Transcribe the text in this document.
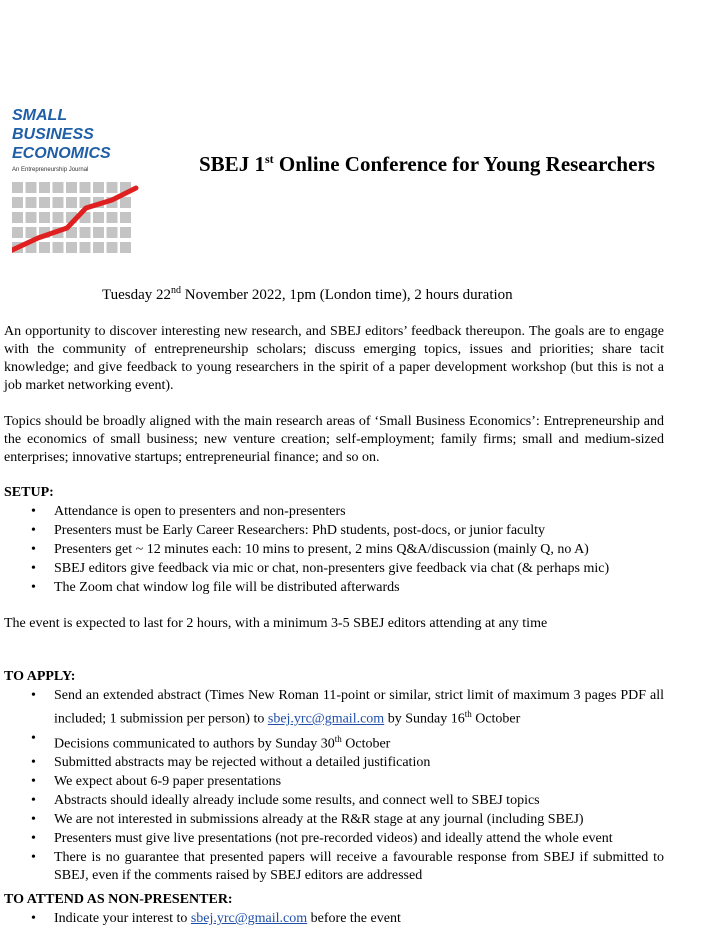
SMALL
BUSINESS
ECONOMICS
An Entrepreneurship Journal	SBEJ 1st Online Conference for Young Researchers
Tuesday 22nd November 2022, 1pm (London time), 2 hours duration
An opportunity to discover interesting new research, and SBEJ editors’ feedback thereupon. The goals are to engage with the community of entrepreneurship scholars; discuss emerging topics, issues and priorities; share tacit knowledge; and give feedback to young researchers in the spirit of a paper development workshop (but this is not a job market networking event).
Topics should be broadly aligned with the main research areas of ‘Small Business Economics’: Entrepreneurship and the economics of small business; new venture creation; self-employment; family firms; small and medium-sized enterprises; innovative startups; entrepreneurial finance; and so on.
SETUP:
• Attendance is open to presenters and non-presenters
• Presenters must be Early Career Researchers: PhD students, post-docs, or junior faculty
• Presenters get ~ 12 minutes each: 10 mins to present, 2 mins Q&A/discussion (mainly Q, no A)
• SBEJ editors give feedback via mic or chat, non-presenters give feedback via chat (& perhaps mic)
• The Zoom chat window log file will be distributed afterwards
The event is expected to last for 2 hours, with a minimum 3-5 SBEJ editors attending at any time
TO APPLY:
• Send an extended abstract (Times New Roman 11-point or similar, strict limit of maximum 3 pages PDF all included; 1 submission per person) to sbej.yrc@gmail.com by Sunday 16th October
• Decisions communicated to authors by Sunday 30th October
• Submitted abstracts may be rejected without a detailed justification
• We expect about 6-9 paper presentations
• Abstracts should ideally already include some results, and connect well to SBEJ topics
• We are not interested in submissions already at the R&R stage at any journal (including SBEJ)
• Presenters must give live presentations (not pre-recorded videos) and ideally attend the whole event
• There is no guarantee that presented papers will receive a favourable response from SBEJ if submitted to SBEJ, even if the comments raised by SBEJ editors are addressed
TO ATTEND AS NON-PRESENTER:
• Indicate your interest to sbej.yrc@gmail.com before the event
